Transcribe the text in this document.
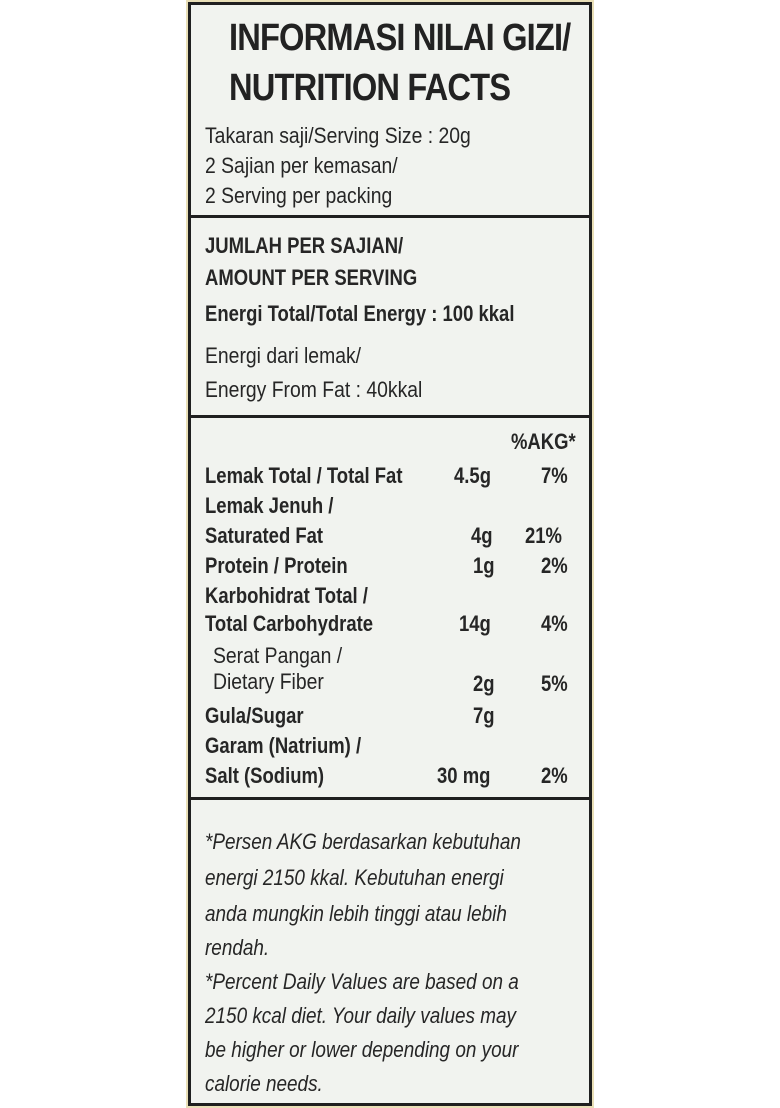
INFORMASI NILAI GIZI/
NUTRITION FACTS
Takaran saji/Serving Size : 20g
2 Sajian per kemasan/
2 Serving per packing
JUMLAH PER SAJIAN/
AMOUNT PER SERVING
Energi Total/Total Energy : 100 kkal
Energi dari lemak/
Energy From Fat : 40kkal
%AKG*
Lemak Total / Total Fat 4.5g 7%
Lemak Jenuh /
Saturated Fat	4g 21%
Protein / Protein	1g 2%
Karbohidrat Total /
Total Carbohydrate	14g 4%
Serat Pangan /
Dietary Fiber	2g 5%
Gula/Sugar	7g
Garam (Natrium) /
Salt (Sodium)	30 mg 2%
*Persen AKG berdasarkan kebutuhan
energi 2150 kkal. Kebutuhan energi
anda mungkin lebih tinggi atau lebih
rendah.
*Percent Daily Values are based on a
2150 kcal diet. Your daily values may
be higher or lower depending on your
calorie needs.
